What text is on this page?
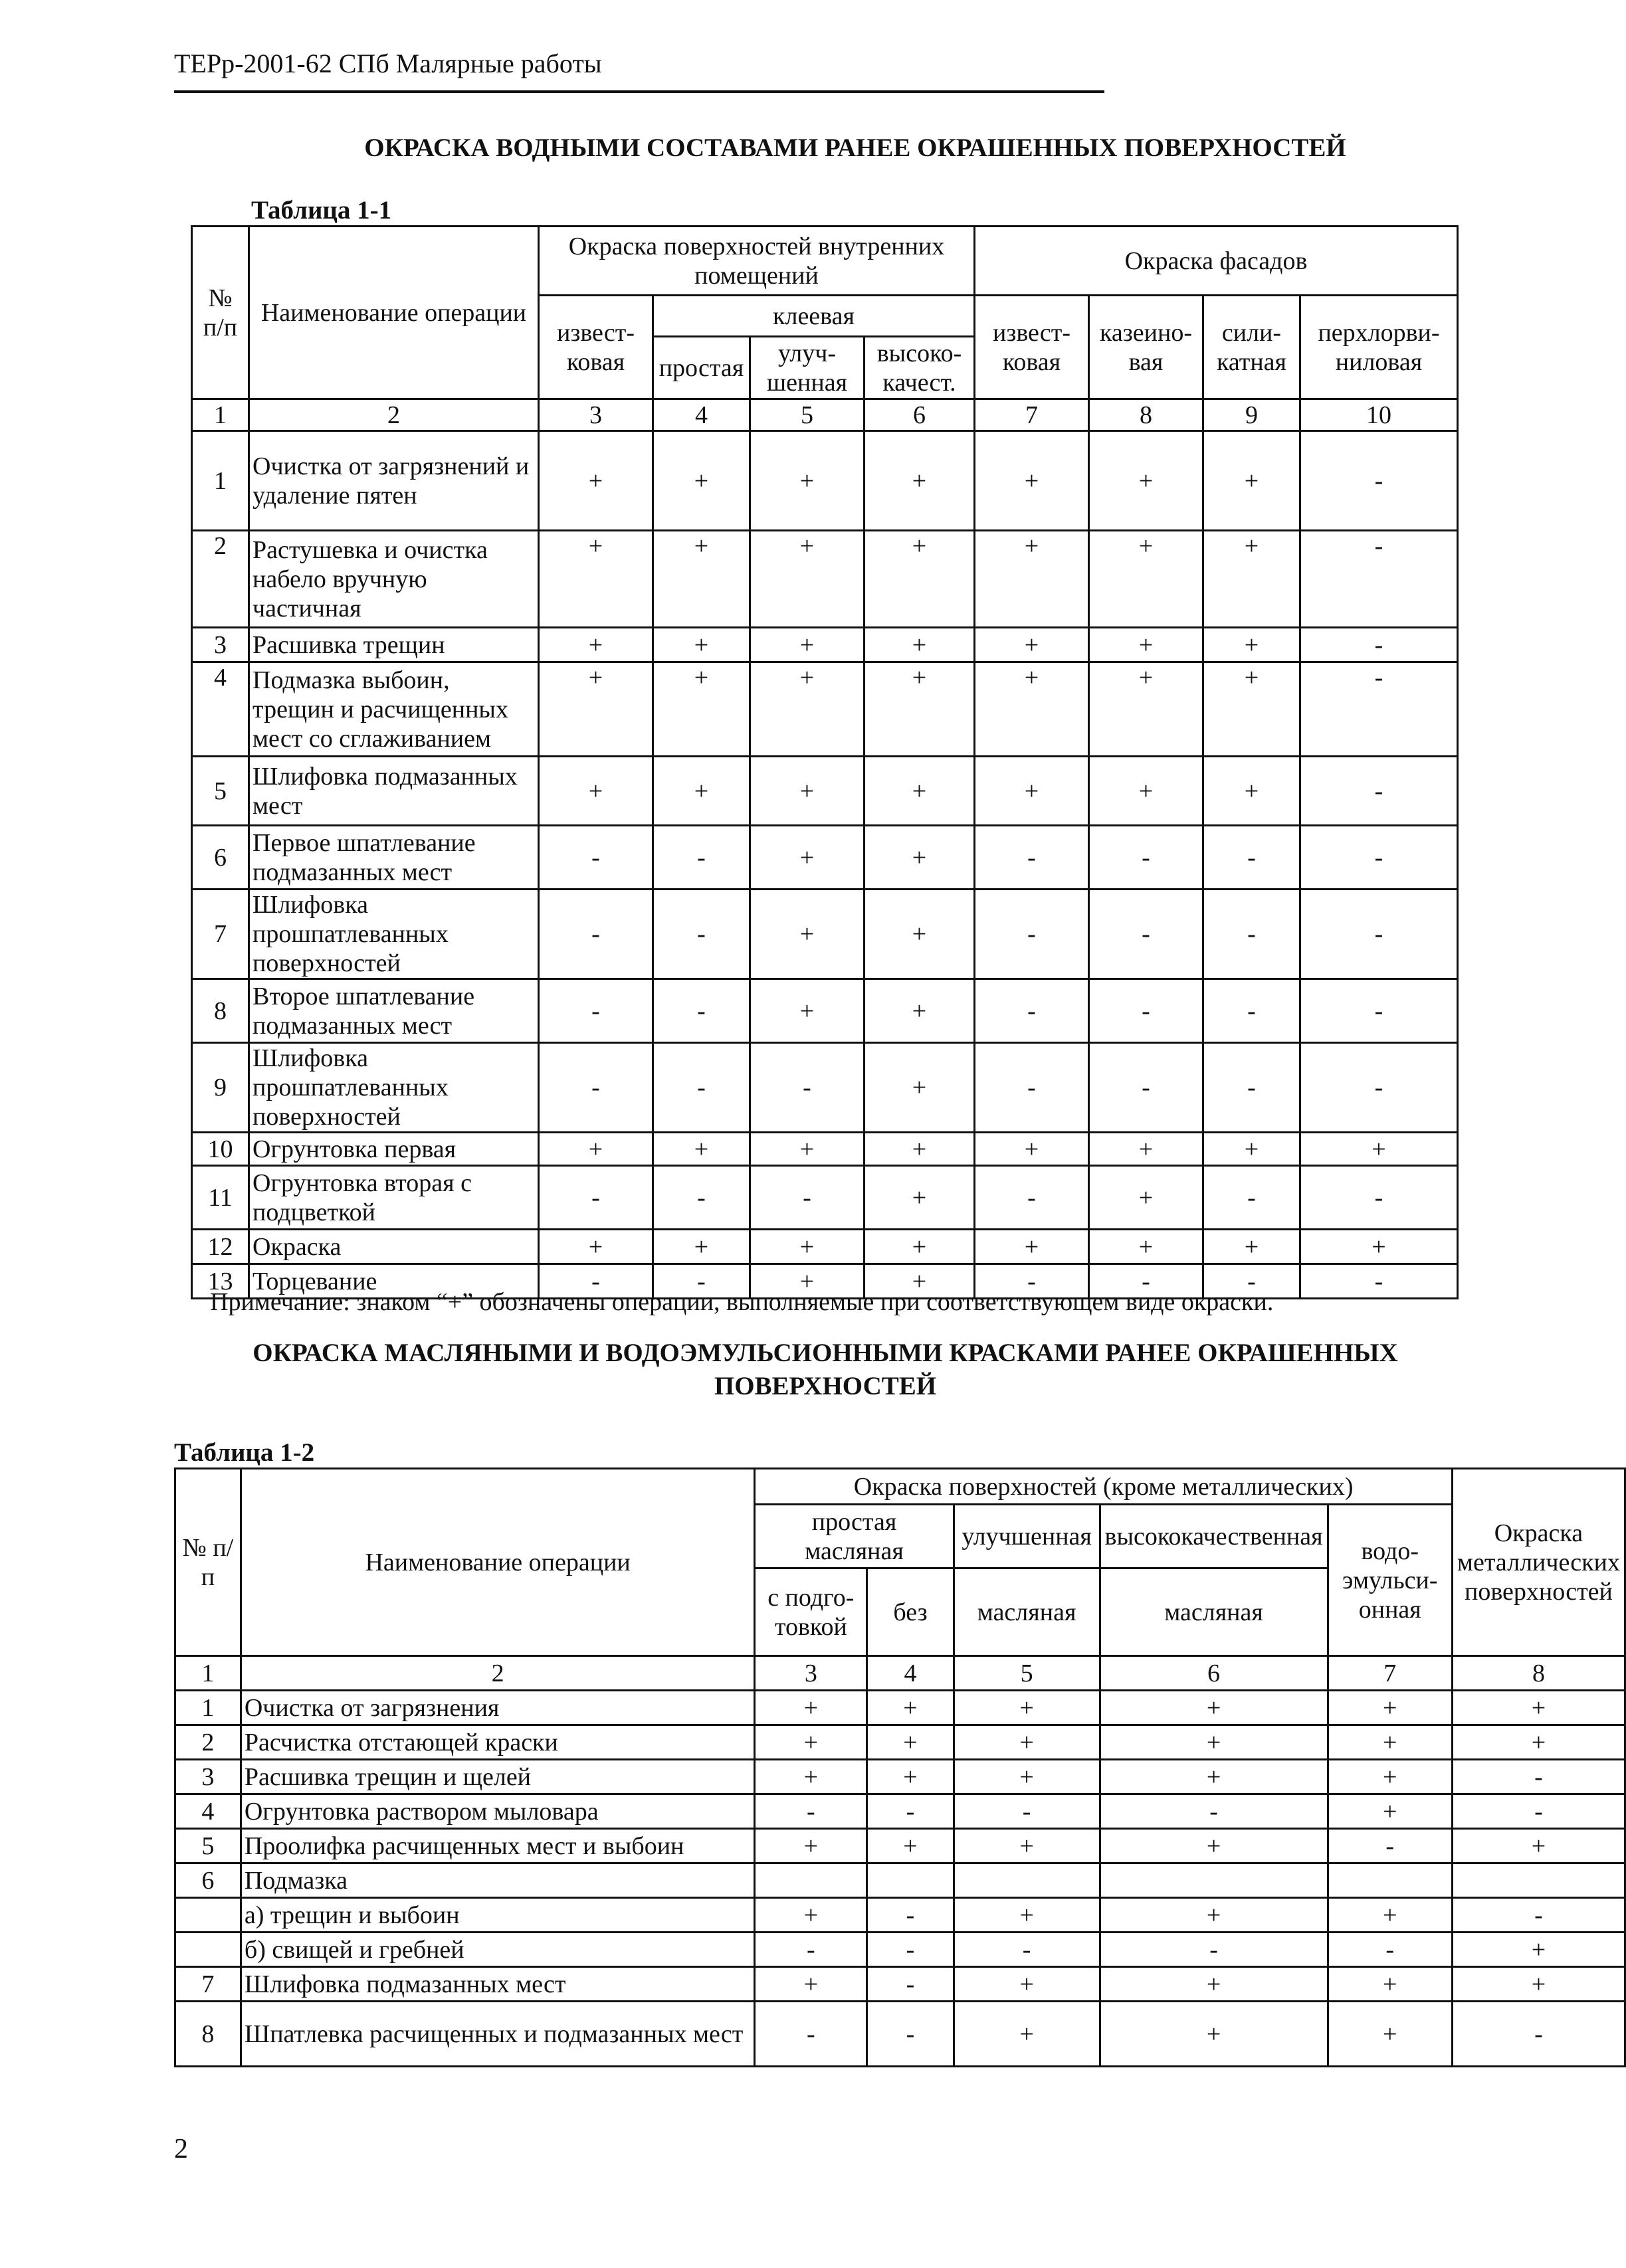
ТЕРр-2001-62 СПб Малярные работы
ОКРАСКА ВОДНЫМИ СОСТАВАМИ РАНЕЕ ОКРАШЕННЫХ ПОВЕРХНОСТЕЙ
Таблица 1-1
№ п/п	Наименование операции	Окраска поверхностей внутренних помещений				Окраска фасадов			
		извест-ковая	клеевая			извест-ковая	казеино-вая	сили-катная	перхлорви-ниловая
			простая	улуч-шенная	высоко-качест.				
1	2	3	4	5	6	7	8	9	10
1	Очистка от загрязнений и удаление пятен	+	+	+	+	+	+	+	-
2	Растушевка и очистка набело вручную частичная	+	+	+	+	+	+	+	-
3	Расшивка трещин	+	+	+	+	+	+	+	-
4	Подмазка выбоин, трещин и расчищенных мест со сглаживанием	+	+	+	+	+	+	+	-
5	Шлифовка подмазанных мест	+	+	+	+	+	+	+	-
6	Первое шпатлевание подмазанных мест	-	-	+	+	-	-	-	-
7	Шлифовка прошпатлеванных поверхностей	-	-	+	+	-	-	-	-
8	Второе шпатлевание подмазанных мест	-	-	+	+	-	-	-	-
9	Шлифовка прошпатлеванных поверхностей	-	-	-	+	-	-	-	-
10	Огрунтовка первая	+	+	+	+	+	+	+	+
11	Огрунтовка вторая с подцветкой	-	-	-	+	-	+	-	-
12	Окраска	+	+	+	+	+	+	+	+
13	Торцевание	-	-	+	+	-	-	-	-
Примечание: знаком “+” обозначены операции, выполняемые при соответствующем виде окраски.
ОКРАСКА МАСЛЯНЫМИ И ВОДОЭМУЛЬСИОННЫМИ КРАСКАМИ РАНЕЕ ОКРАШЕННЫХ ПОВЕРХНОСТЕЙ
Таблица 1-2
№ п/п	Наименование операции	Окраска поверхностей (кроме металлических)					Окраска металлических поверхностей
		простая масляная		улучшенная	высококачественная	водо-эмульси-онная	
		с подго-товкой	без	масляная	масляная		
1	2	3	4	5	6	7	8
1	Очистка от загрязнения	+	+	+	+	+	+
2	Расчистка отстающей краски	+	+	+	+	+	+
3	Расшивка трещин и щелей	+	+	+	+	+	-
4	Огрунтовка раствором мыловара	-	-	-	-	+	-
5	Проолифка расчищенных мест и выбоин	+	+	+	+	-	+
6	Подмазка						
	а) трещин и выбоин	+	-	+	+	+	-
	б) свищей и гребней	-	-	-	-	-	+
7	Шлифовка подмазанных мест	+	-	+	+	+	+
8	Шпатлевка расчищенных и подмазанных мест	-	-	+	+	+	-
2
